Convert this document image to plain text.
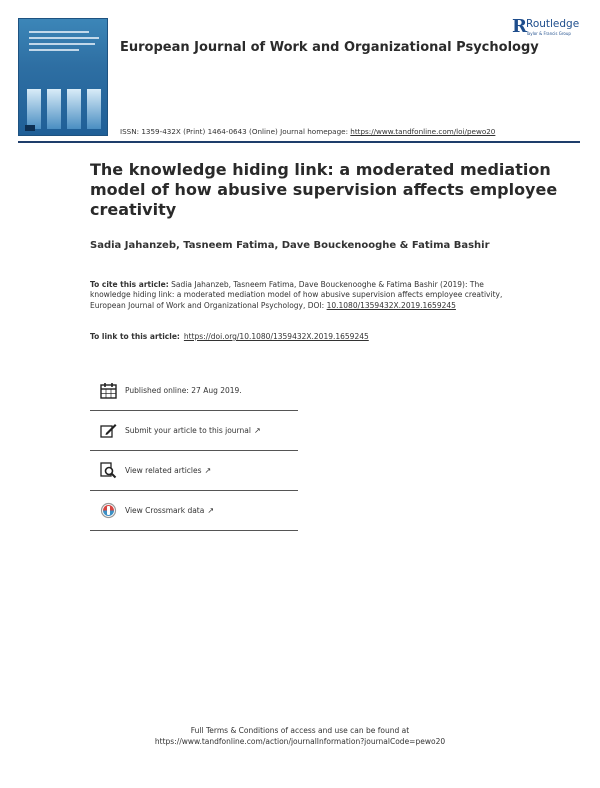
European Journal of Work and Organizational Psychology
R Routledge
Taylor & Francis Group
ISSN: 1359-432X (Print) 1464-0643 (Online) Journal homepage: https://www.tandfonline.com/loi/pewo20
The knowledge hiding link: a moderated mediation model of how abusive supervision affects employee creativity
Sadia Jahanzeb, Tasneem Fatima, Dave Bouckenooghe & Fatima Bashir
To cite this article: Sadia Jahanzeb, Tasneem Fatima, Dave Bouckenooghe & Fatima Bashir (2019): The knowledge hiding link: a moderated mediation model of how abusive supervision affects employee creativity, European Journal of Work and Organizational Psychology, DOI: 10.1080/1359432X.2019.1659245
To link to this article: https://doi.org/10.1080/1359432X.2019.1659245
Published online: 27 Aug 2019.
Submit your article to this journal ↗
View related articles ↗
View Crossmark data ↗
Full Terms & Conditions of access and use can be found at
https://www.tandfonline.com/action/journalInformation?journalCode=pewo20
